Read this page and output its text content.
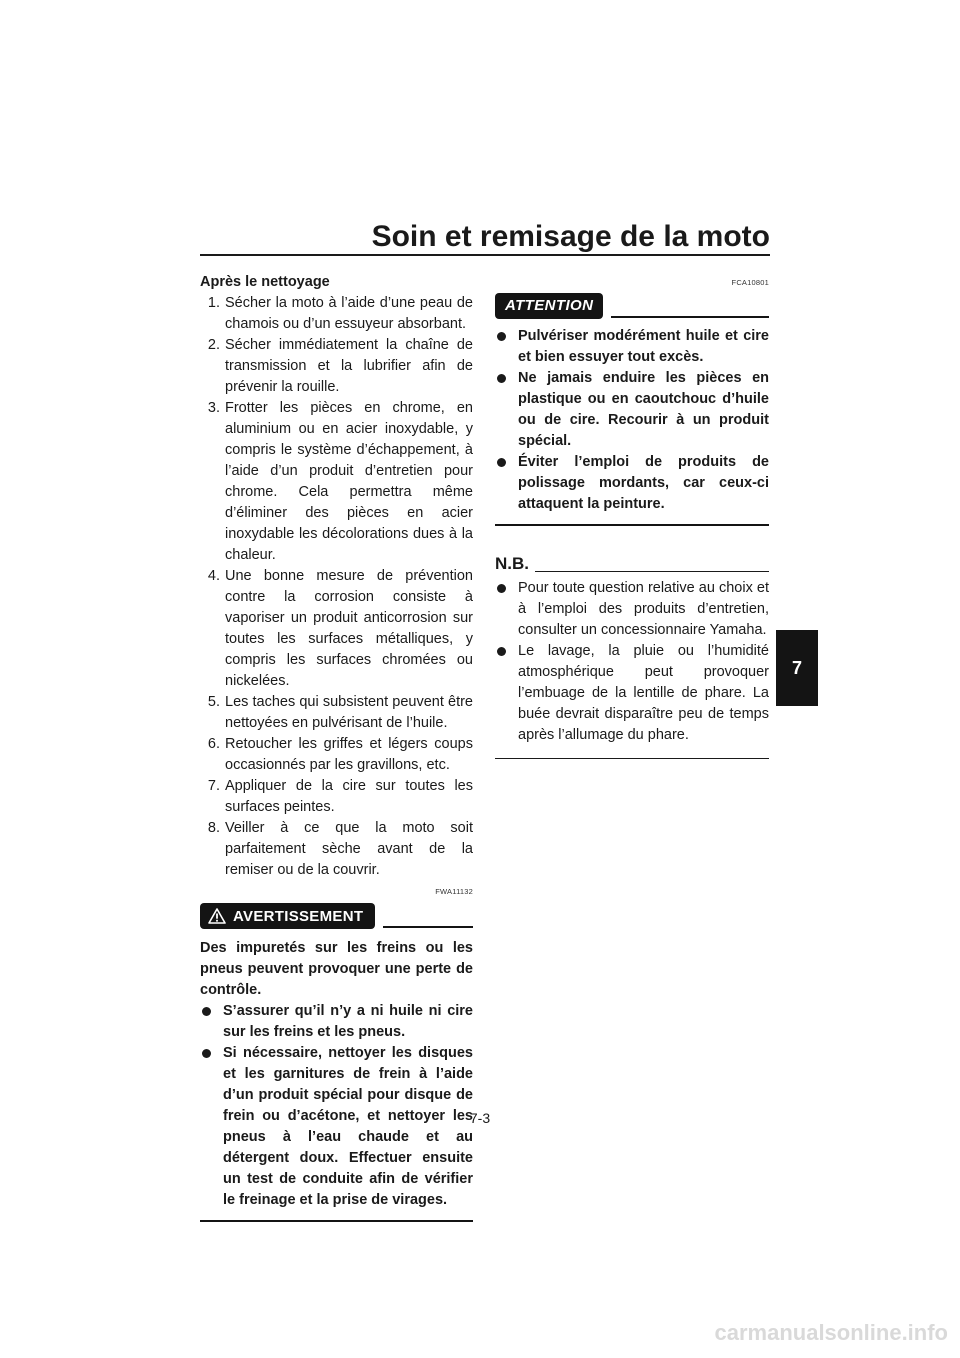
Soin et remisage de la moto
7

Après le nettoyage

1. Sécher la moto à l’aide d’une peau de chamois ou d’un essuyeur absorbant.
2. Sécher immédiatement la chaîne de transmission et la lubrifier afin de prévenir la rouille.
3. Frotter les pièces en chrome, en aluminium ou en acier inoxydable, y compris le système d’échappement, à l’aide d’un produit d’entretien pour chrome. Cela permettra même d’éliminer des pièces en acier inoxydable les décolorations dues à la chaleur.
4. Une bonne mesure de prévention contre la corrosion consiste à vaporiser un produit anticorrosion sur toutes les surfaces métalliques, y compris les surfaces chromées ou nickelées.
5. Les taches qui subsistent peuvent être nettoyées en pulvérisant de l’huile.
6. Retoucher les griffes et légers coups occasionnés par les gravillons, etc.
7. Appliquer de la cire sur toutes les surfaces peintes.
8. Veiller à ce que la moto soit parfaitement sèche avant de la remiser ou de la couvrir.
FWA11132
AVERTISSEMENT

Des impuretés sur les freins ou les pneus peuvent provoquer une perte de contrôle.

S’assurer qu’il n’y a ni huile ni cire sur les freins et les pneus.
Si nécessaire, nettoyer les disques et les garnitures de frein à l’aide d’un produit spécial pour disque de frein ou d’acétone, et nettoyer les pneus à l’eau chaude et au détergent doux. Effectuer ensuite un test de conduite afin de vérifier le freinage et la prise de virages.
FCA10801
ATTENTION
Pulvériser modérément huile et cire et bien essuyer tout excès.
Ne jamais enduire les pièces en plastique ou en caoutchouc d’huile ou de cire. Recourir à un produit spécial.
Éviter l’emploi de produits de polissage mordants, car ceux-ci attaquent la peinture.
N.B.
Pour toute question relative au choix et à l’emploi des produits d’entretien, consulter un concessionnaire Yamaha.
Le lavage, la pluie ou l’humidité atmosphérique peut provoquer l’embuage de la lentille de phare. La buée devrait disparaître peu de temps après l’allumage du phare.
7-3
carmanualsonline.info
